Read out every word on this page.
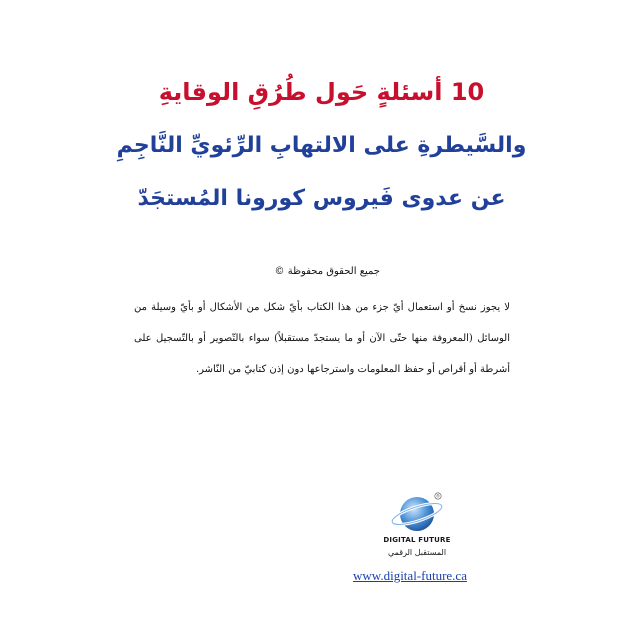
10 أسئلةٍ حَول طُرُقِ الوقايةِ
والسَّيطرةِ على الالتهابِ الرِّئويِّ النَّاجِمِ
عن عدوى فَيروس كورونا المُستجَدّ
جميع الحقوق محفوظة ©
لا يجوز نسخ أو استعمال أيّ جزء من هذا الكتاب بأيّ شكل من الأشكال أو بأيّ وسيلة من الوسائل (المعروفة منها حتّى الآن أو ما يستجدّ مستقبلاً) سواء بالتّصوير أو بالتّسجيل على أشرطة أو أقراص أو حفظ المعلومات واسترجاعها دون إذن كتابيّ من النّاشر.
®
DIGITAL FUTURE
المستقبل الرقمي
www.digital-future.ca
